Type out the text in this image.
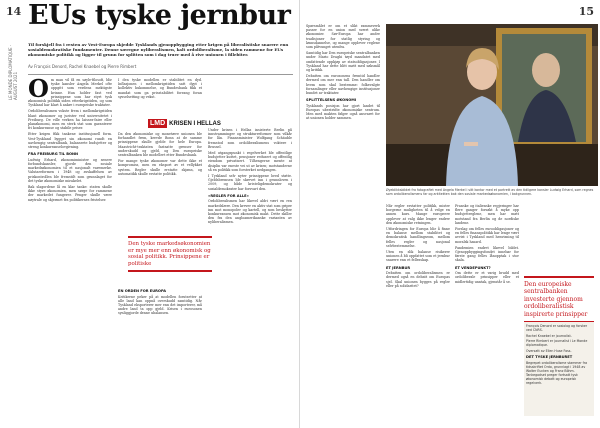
14	15
LE MONDE DIPLOMATIQUE · AUGUST 2021
EUs tyske jernbur

Til forskjell fra i resten av Vest-Europa skjedde Tysklands gjenoppbygging etter krigen på liberalistiske snarere enn sosialdemokratiske fundamenter. Denne særegne nyliberalismen, kalt ordoliberalisme, la siden rammene for EUs økonomiske politikk og ligger til grunn for splitten som i dag truer med å rive unionen i fillebiter.

Av François Denord, Rachel Knaebel og Pierre Rimbert

Om man vil få en søyle-filosofi, blir tyske kansler Angela Merkel ofte oppgitt som verdens mektigste kvinne. Hun holder fast ved prinsippene som har styrt tysk økonomisk politikk siden etterkrigstiden, og som Tyskland har klart å ankre i europeiske traktater.

Ordoliberalismen vokste frem i mellomkrigstiden blant økonomer og jurister ved universitetet i Freiburg. De ville verken ha laissez-faire eller planøkonomi, men en sterk stat som garanterer fri konkurranse og stabile priser.

Etter krigen fikk tankene institusjonell form. Vest-Tyskland bygget sin økonomi rundt en uavhengig sentralbank, balanserte budsjetter og streng konkurranselovgivning.

FRA FREIBURG TIL BONN

Ludwig Erhard, økonomiminister og senere forbundskansler, gjorde den sosiale markedsøkonomien til et nasjonalt varemerke. Valutareformen i 1948 og avskaffelsen av priskontrollen ble fremstilt som grunnlaget for det tyske økonomiske mirakelet.

Bak slagordene lå en klar tanke: staten skulle ikke styre økonomien, men sørge for rammene der markedet fungerer. Penger skulle være nøytrale og skjermet fra politikernes fristelser.

LMD KRISEN I HELLAS

I den tyske modellen er stabilitet en dyd. Inflasjonen i mellomkrigstiden satt dypt i kollektiv hukommelse, og Bundesbank fikk et mandat som ga prisstabilitet forrang foran sysselsetting og vekst.

Da den økonomiske og monetære unionen ble forhandlet frem, krevde Bonn at de samme prinsippene skulle gjelde for hele Europa. Maastricht-traktaten fastsatte grenser for underskudd og gjeld, og Den europeiske sentralbanken ble modellert etter Bundesbank.

For mange tyske økonomer var dette ikke et kompromiss, men en eksport av et vellykket system. Regler skulle erstatte skjønn, og automatikk skulle erstatte politikk.

Den tyske markedsøkonomien er mye mer enn økonomisk og sosial politikk. Prinsippene er politiske
EN ORDEN FOR EUROPA

Kritikerne peker på at modellen forutsetter at alle land kan oppnå overskudd samtidig. Når Tyskland eksporterer mer enn det importerer, må andre land ta opp gjeld. Krisen i eurosonen synliggjorde denne ubalansen.

Under krisen i Hellas insisterte Berlin på innstramminger og strukturreformer som vilkår for lån. Finansminister Wolfgang Schäuble fremstod som ordoliberalismens voktere i Brussel.

Med utgangspunkt i regelverket ble offentlige budsjetter kuttet, pensjoner redusert og offentlig eiendom privatisert. Tilhengerne mente at disiplin var eneste vei ut av krisen; motstanderne så en politikk som forsterket nedgangen.

I Tyskland selv nyter prinsippene bred støtte. Gjeldsbremsen ble skrevet inn i grunnloven i 2009, og både kristeligdemokrater og sosialdemokrater har forsvart den.

«REGLER FOR ALLE»

Ordoliberalismen har likevel aldri vært en ren markedslære. Den krever en aktiv stat som griper inn mot monopoler og kartell, og som beskytter konkurransen mot økonomisk makt. Dette skiller den fra den angloamerikanske varianten av nyliberalismen.

Spørsmålet er om et slikt rammeverk passer for en union med svært ulike økonomier. Sør-Europa har andre tradisjoner for statlig styring og lønnsdannelse, og mange opplever reglene som påtvunget utenfra.

Samtidig har Den europeiske sentralbanken under Mario Draghi tøyd mandatet med omfattende oppkjøp av statsobligasjoner. I Tyskland har dette blitt møtt med søksmål og kritikk.

Debatten om eurosonens fremtid handler dermed om mer enn tall. Den handler om hvem som skal bestemme: folkevalgte forsamlinger eller uavhengige institusjoner bundet av traktater.

SPLITTELSENS ØKONOMI

Tysklands posisjon har gjort landet til Europas ubestridte økonomiske sentrum. Men med makten følger også ansvaret for at unionen holder sammen.

Øyeblikksbildet fra fotografiet med Angela Merkel i sitt kontor med et portrett av den tidligere kansler Ludwig Erhard, som regnes som ordoliberalismens far og arkitekten bak den sosiale markedsøkonomien, i bakgrunnen.

Når regler erstatter politikk, mister borgerne muligheten til å velge en annen kurs. Mange europeere opplever at valg ikke lenger endrer den økonomiske retningen.

Utfordringen for Europa blir å finne en balanse mellom stabilitet og demokratisk handlingsrom, mellom felles regler og nasjonal selvbestemmelse.

Uten en slik balanse risikerer unionen å bli oppfattet som et jernbur snarere enn et fellesskap.

ET JERNBUR

Debatten om ordoliberalismen er dermed også en debatt om Europas sjel. Skal unionen bygges på regler eller på solidaritet?

Franske og italienske regjeringer har flere ganger forsøkt å myke opp budsjettreglene, men har møtt motstand fra Berlin og de nordiske landene.

Forslag om felles euroobligasjoner og en felles finanspolitikk har lenge vært avvist i Tyskland med henvisning til moralsk hasard.

Pandemien endret likevel bildet. Gjenoppbyggingsfondet innebar for første gang felles lånopptak i stor skala.

ET VENDEPUNKT?

Om dette er et varig brudd med ordoliberale prinsipper eller et midlertidig unntak, gjenstår å se.	Den europeiske sentralbanken investerte gjennom ordoliberalistisk inspirerte prinsipper

François Denord er sosiolog og forsker ved CNRS.

Rachel Knaebel er journalist.

Pierre Rimbert er journalist i Le Monde diplomatique.

Oversatt av Ellen Huse Foss.

DET TYSKE JERNBURET

Begrepet ordoliberalisme stammer fra tidsskriftet Ordo, grunnlagt i 1948 av Walter Eucken og Franz Böhm. Tankegodset preger fortsatt tysk økonomisk debatt og europeisk regelverk.
